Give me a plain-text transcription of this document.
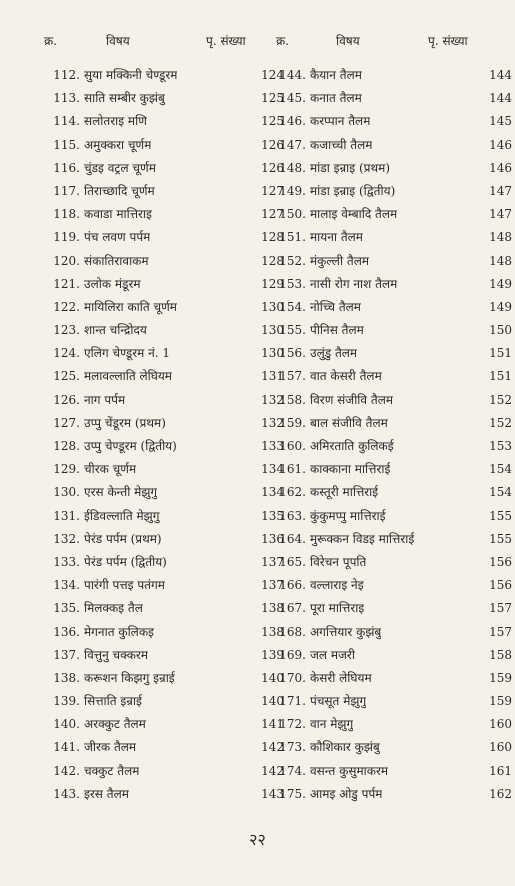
क्र.	विषय	पृ. संख्या	क्र.	विषय	पृ. संख्या
112. सुया मक्किनी चेण्डूरम	124
113. साति सम्बीर कुझंबु	125
114. सलोतराइ मणि	125
115. अमुक्करा चूर्णम	126
116. चुंडइ वट्रल चूर्णम	126
117. तिराच्छादि चूर्णम	127
118. कवाडा मात्तिराइ	127
119. पंच लवण पर्पम	128
120. संकातिरावाकम	128
121. उलोक मंडूरम	129
122. मायिलिरा काति चूर्णम	130
123. शान्त चन्द्रिोदय	130
124. एलिग चेण्डूरम नं. 1	130
125. मलावल्लाति लेघियम	131
126. नाग पर्पम	132
127. उप्पु चेंडूरम (प्रथम)	132
128. उप्पु चेण्डूरम (द्वितीय)	133
129. चीरक चूर्णम	134
130. एरस केन्ती मेझुगु	134
131. ईडिवल्लाति मेझुगु	135
132. पेरंड पर्पम (प्रथम)	136
133. पेरंड पर्पम (द्वितीय)	137
134. पारंगी पत्तइ पतंगम	137
135. मिलक्कइ तैल	138
136. मेगनात कुलिकइ	138
137. वित्तुनु चक्करम	139
138. करूशन किझगु इन्राई	140
139. सित्ताति इन्राई	140
140. अरक्कुट तैलम	141
141. जीरक तैलम	142
142. चक्कुट तैलम	142
143. इरस तैलम	143
144. कैयान तैलम	144
145. कनात तैलम	144
146. करप्पान तैलम	145
147. कजाच्ची तैलम	146
148. मांडा इन्राइ (प्रथम)	146
149. मांडा इन्राइ (द्वितीय)	147
150. मालाइ वेम्बादि तैलम	147
151. मायना तैलम	148
152. मंकुल्ली तैलम	148
153. नासी रोग नाश तैलम	149
154. नोच्चि तैलम	149
155. पीनिस तैलम	150
156. उलुंडु तैलम	151
157. वात केसरी तैलम	151
158. विरण संजीवि तैलम	152
159. बाल संजीवि तैलम	152
160. अमिरताति कुलिकई	153
161. काक्काना मात्तिराई	154
162. कस्तूरी मात्तिराई	154
163. कुंकुमप्पु मात्तिराई	155
164. मुरूक्कन विडइ मात्तिराई	155
165. विरेचन पूपति	156
166. वल्लाराइ नेइ	156
167. पूरा मात्तिराइ	157
168. अगत्तियार कुझंबु	157
169. जल मजरी	158
170. केसरी लेघियम	159
171. पंचसूत मेझुगु	159
172. वान मेझुगु	160
173. कौशिकार कुझंबु	160
174. वसन्त कुसुमाकरम	161
175. आमइ ओडु पर्पम	162
२२
